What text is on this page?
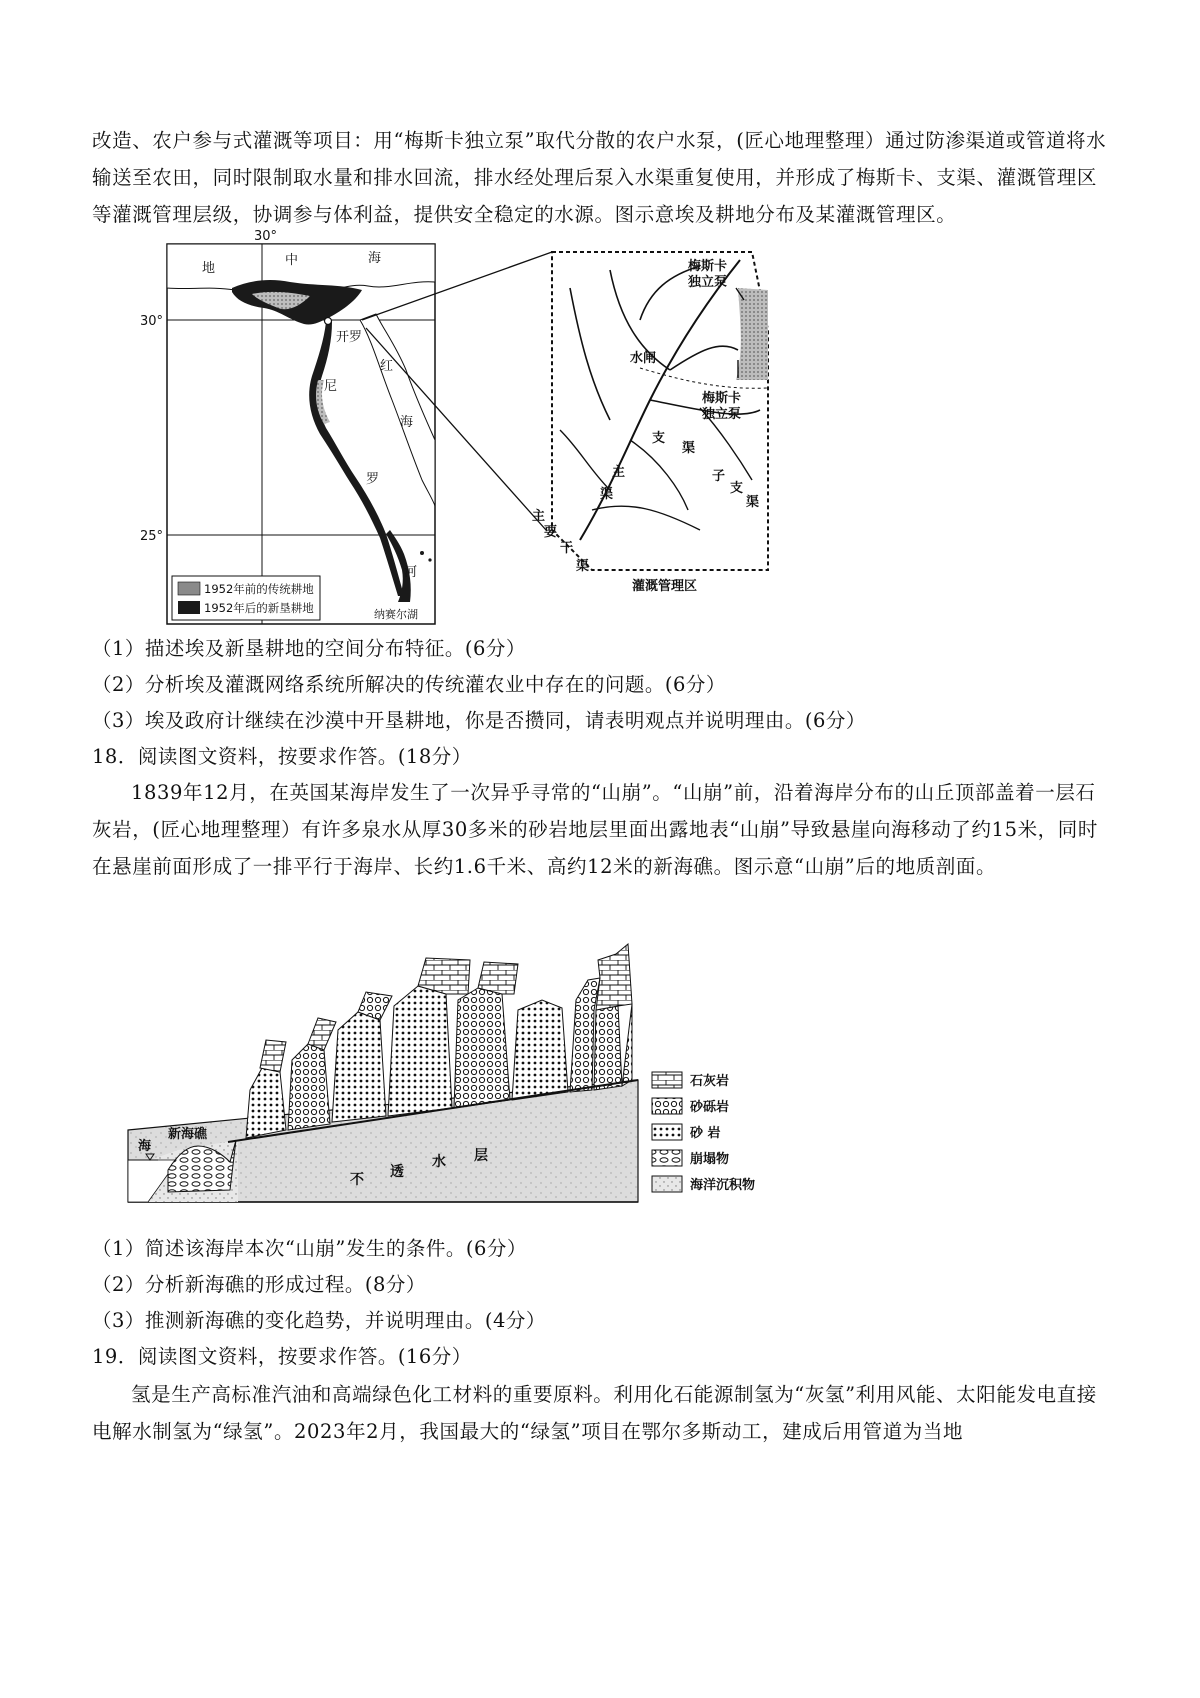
改造、农户参与式灌溉等项目：用“梅斯卡独立泵”取代分散的农户水泵，(匠心地理整理）通过防渗渠道或管道将水输送至农田，同时限制取水量和排水回流，排水经处理后泵入水渠重复使用，并形成了梅斯卡、支渠、灌溉管理区等灌溉管理层级，协调参与体利益，提供安全稳定的水源。图示意埃及耕地分布及某灌溉管理区。

30°
30°
25°
地
中	海
开罗
红
海
尼
罗
河
纳赛尔湖
1952年前的传统耕地
1952年后的新垦耕地
梅斯卡
独立泵
水闸
梅斯卡
独立泵
支
渠
主
渠
子
支
渠
主
要
干
渠
灌溉管理区
（1）描述埃及新垦耕地的空间分布特征。(6分）
（2）分析埃及灌溉网络系统所解决的传统灌农业中存在的问题。(6分）
（3）埃及政府计继续在沙漠中开垦耕地，你是否攒同，请表明观点并说明理由。(6分）
18．阅读图文资料，按要求作答。(18分）

1839年12月，在英国某海岸发生了一次异乎寻常的“山崩”。“山崩”前，沿着海岸分布的山丘顶部盖着一层石灰岩，(匠心地理整理）有许多泉水从厚30多米的砂岩地层里面出露地表“山崩”导致悬崖向海移动了约15米，同时在悬崖前面形成了一排平行于海岸、长约1.6千米、高约12米的新海礁。图示意“山崩”后的地质剖面。

海
新海礁
不 透
水 层
石灰岩
砂砾岩
砂 岩
崩塌物
海洋沉积物
（1）简述该海岸本次“山崩”发生的条件。(6分）
（2）分析新海礁的形成过程。(8分）
（3）推测新海礁的变化趋势，并说明理由。(4分）
19．阅读图文资料，按要求作答。(16分）

氢是生产高标准汽油和高端绿色化工材料的重要原料。利用化石能源制氢为“灰氢”利用风能、太阳能发电直接电解水制氢为“绿氢”。2023年2月，我国最大的“绿氢”项目在鄂尔多斯动工，建成后用管道为当地
